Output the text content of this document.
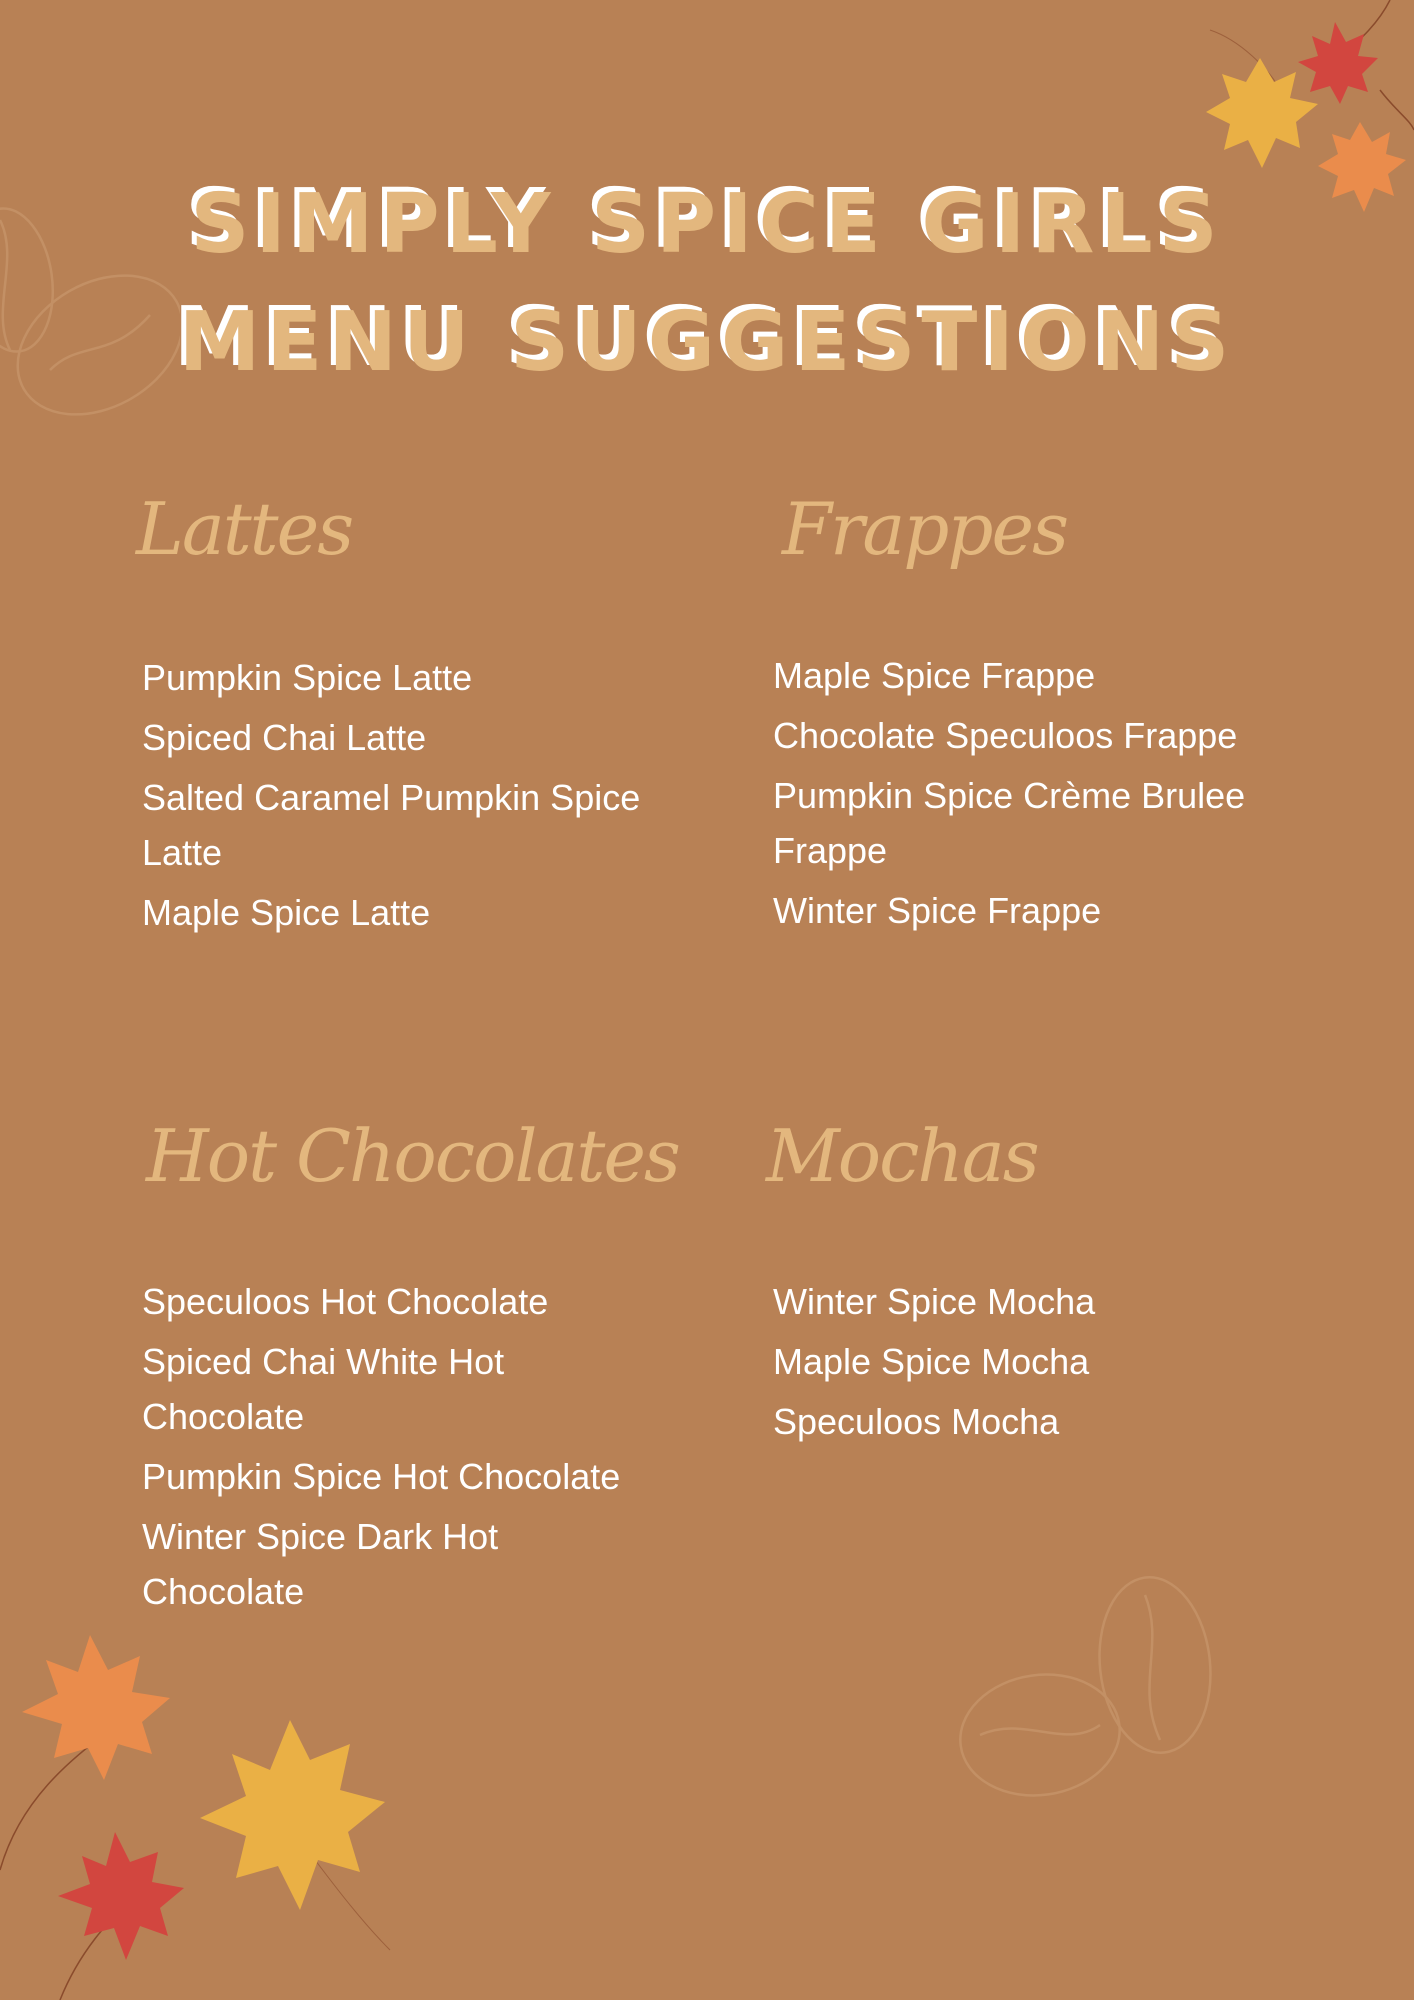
SIMPLY SPICE GIRLS
MENU SUGGESTIONS
Lattes
Pumpkin Spice Latte
Spiced Chai Latte
Salted Caramel Pumpkin Spice Latte
Maple Spice Latte
Frappes
Maple Spice Frappe
Chocolate Speculoos Frappe
Pumpkin Spice Crème Brulee Frappe
Winter Spice Frappe
Hot Chocolates
Speculoos Hot Chocolate
Spiced Chai White Hot Chocolate
Pumpkin Spice Hot Chocolate
Winter Spice Dark Hot Chocolate
Mochas
Winter Spice Mocha
Maple Spice Mocha
Speculoos Mocha
